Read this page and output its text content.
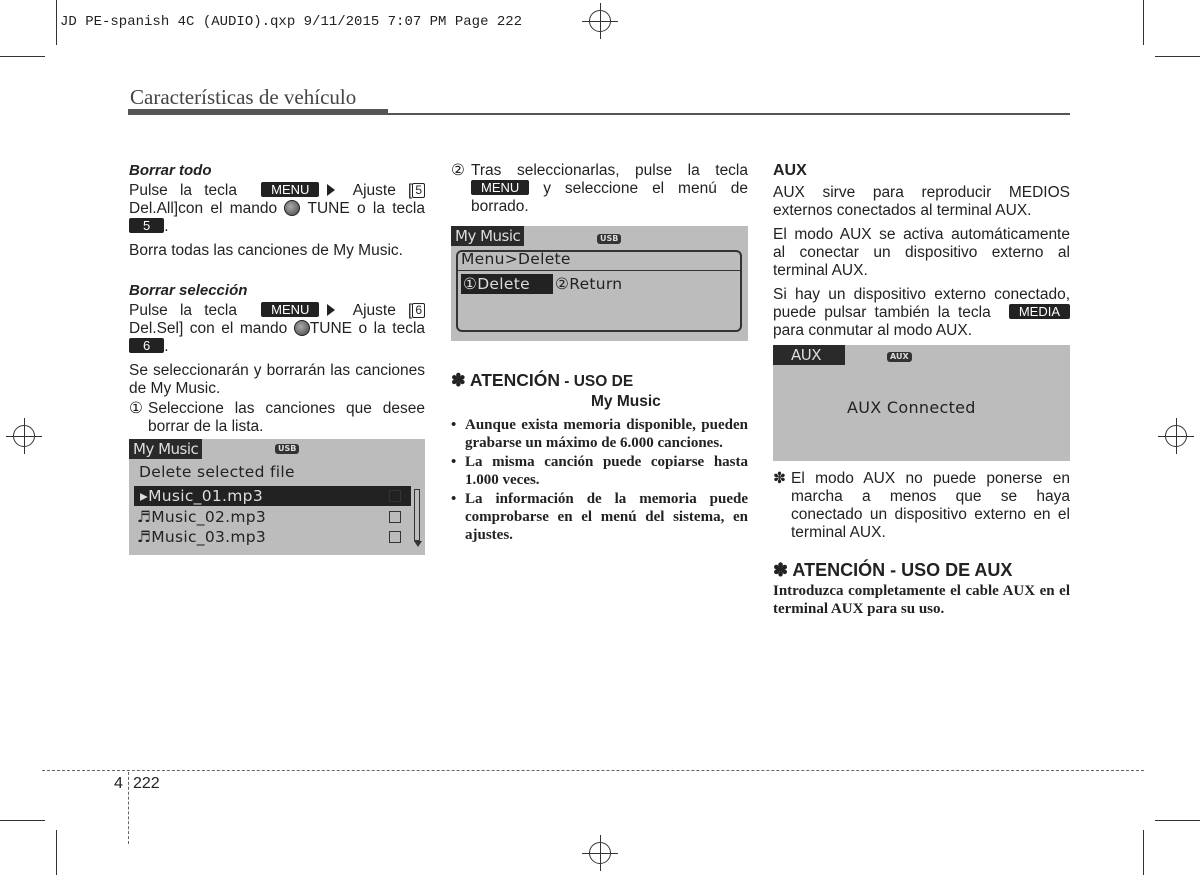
JD PE-spanish 4C (AUDIO).qxp 9/11/2015 7:07 PM Page 222
Características de vehículo

Borrar todo

Pulse la tecla	MENU	Ajuste [ 5 Del.All]con el mando TUNE o la tecla 5 .

Borra todas las canciones de My Music.

Borrar selección

Pulse la tecla	MENU	Ajuste [ 6 Del.Sel] con el mando TUNE o la tecla 6 .

Se seleccionarán y borrarán las canciones de My Music.

① Seleccione las canciones que desee borrar de la lista.

My Music	USB
Delete selected file
▸Music_01.mp3
♬Music_02.mp3
♬Music_03.mp3

② Tras seleccionarlas, pulse la tecla MENU y seleccione el menú de borrado.

My Music	USB
Menu>Delete
①Delete	②Return
✽ ATENCIÓN - USO DE
My Music

• Aunque exista memoria disponible, pueden grabarse un máximo de 6.000 canciones.

• La misma canción puede copiarse hasta 1.000 veces.

• La información de la memoria puede comprobarse en el menú del sistema, en ajustes.

AUX

AUX sirve para reproducir MEDIOS externos conectados al terminal AUX.

El modo AUX se activa automáticamente al conectar un dispositivo externo al terminal AUX.

Si hay un dispositivo externo conectado, puede pulsar también la tecla MEDIA para conmutar al modo AUX.

AUX	AUX
AUX Connected

✽ El modo AUX no puede ponerse en marcha a menos que se haya conectado un dispositivo externo en el terminal AUX.

✽ ATENCIÓN - USO DE AUX

Introduzca completamente el cable AUX en el terminal AUX para su uso.

4 222
